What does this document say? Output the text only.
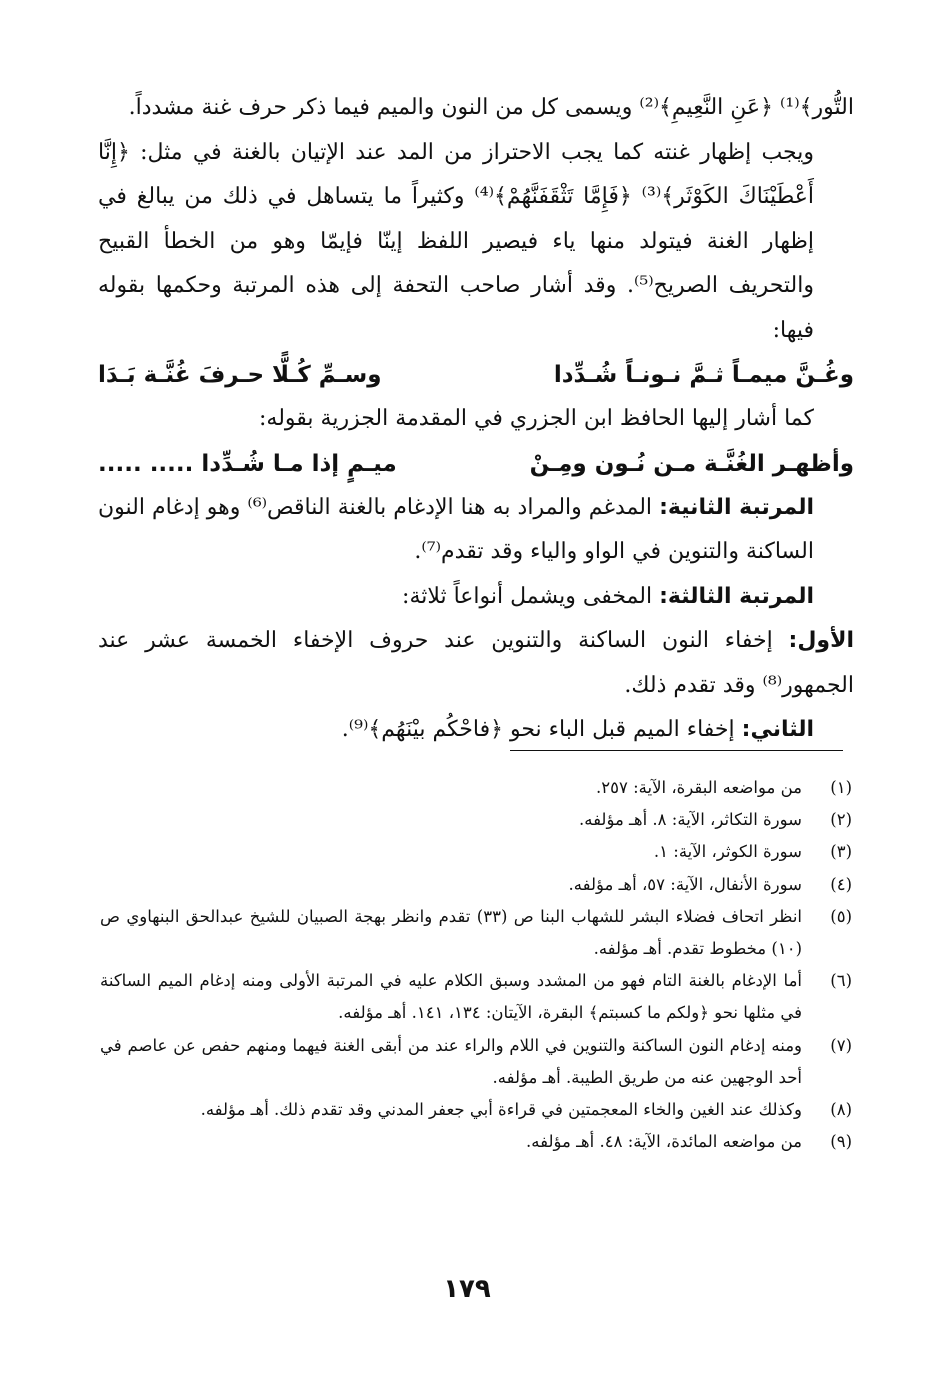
التُّور﴾⁽¹⁾ ﴿عَنِ النَّعِيمِ﴾⁽²⁾ ويسمى كل من النون والميم فيما ذكر حرف غنة مشدداً.

ويجب إظهار غنته كما يجب الاحتراز من المد عند الإتيان بالغنة في مثل: ﴿إِنَّا أَعْطَيْنَاكَ الكَوْثَر﴾⁽³⁾ ﴿فَإِمَّا تَثْقَفَنَّهُمْ﴾⁽⁴⁾ وكثيراً ما يتساهل في ذلك من يبالغ في إظهار الغنة فيتولد منها ياء فيصير اللفظ إينّا فإيمّا وهو من الخطأ القبيح والتحريف الصريح⁽⁵⁾. وقد أشار صاحب التحفة إلى هذه المرتبة وحكمها بقوله فيها:

وغُـنَّ ميمـاً ثـمَّ نـونـاً شُـدِّدا
وسـمِّ كُـلًّا حـرفَ غُنَّـة بَـدَا

كما أشار إليها الحافظ ابن الجزري في المقدمة الجزرية بقوله:

وأظهـر الغُنَّـة مـن نُـون ومِـنْ
ميـمٍ إذا مـا شُـدِّدا ..... .....

المرتبة الثانية: المدغم والمراد به هنا الإدغام بالغنة الناقص⁽⁶⁾ وهو إدغام النون الساكنة والتنوين في الواو والياء وقد تقدم⁽⁷⁾.

المرتبة الثالثة: المخفى ويشمل أنواعاً ثلاثة:

الأول: إخفاء النون الساكنة والتنوين عند حروف الإخفاء الخمسة عشر عند الجمهور⁽⁸⁾ وقد تقدم ذلك.

الثاني: إخفاء الميم قبل الباء نحو ﴿فاحْكُم بيْنَهُم﴾⁽⁹⁾.

(١)
من مواضعه البقرة، الآية: ٢٥٧.
(٢)
سورة التكاثر، الآية: ٨. أهـ مؤلفه.
(٣)
سورة الكوثر، الآية: ١.
(٤)
سورة الأنفال، الآية: ٥٧، أهـ مؤلفه.
(٥)
انظر اتحاف فضلاء البشر للشهاب البنا ص (٣٣) تقدم وانظر بهجة الصبيان للشيخ عبدالحق البنهاوي ص (١٠) مخطوط تقدم. أهـ مؤلفه.
(٦)
أما الإدغام بالغنة التام فهو من المشدد وسبق الكلام عليه في المرتبة الأولى ومنه إدغام الميم الساكنة في مثلها نحو ﴿ولكم ما كسبتم﴾ البقرة، الآيتان: ١٣٤، ١٤١. أهـ مؤلفه.
(٧)
ومنه إدغام النون الساكنة والتنوين في اللام والراء عند من أبقى الغنة فيهما ومنهم حفص عن عاصم في أحد الوجهين عنه من طريق الطيبة. أهـ مؤلفه.
(٨)
وكذلك عند الغين والخاء المعجمتين في قراءة أبي جعفر المدني وقد تقدم ذلك. أهـ مؤلفه.
(٩)
من مواضعه المائدة، الآية: ٤٨. أهـ مؤلفه.
١٧٩
